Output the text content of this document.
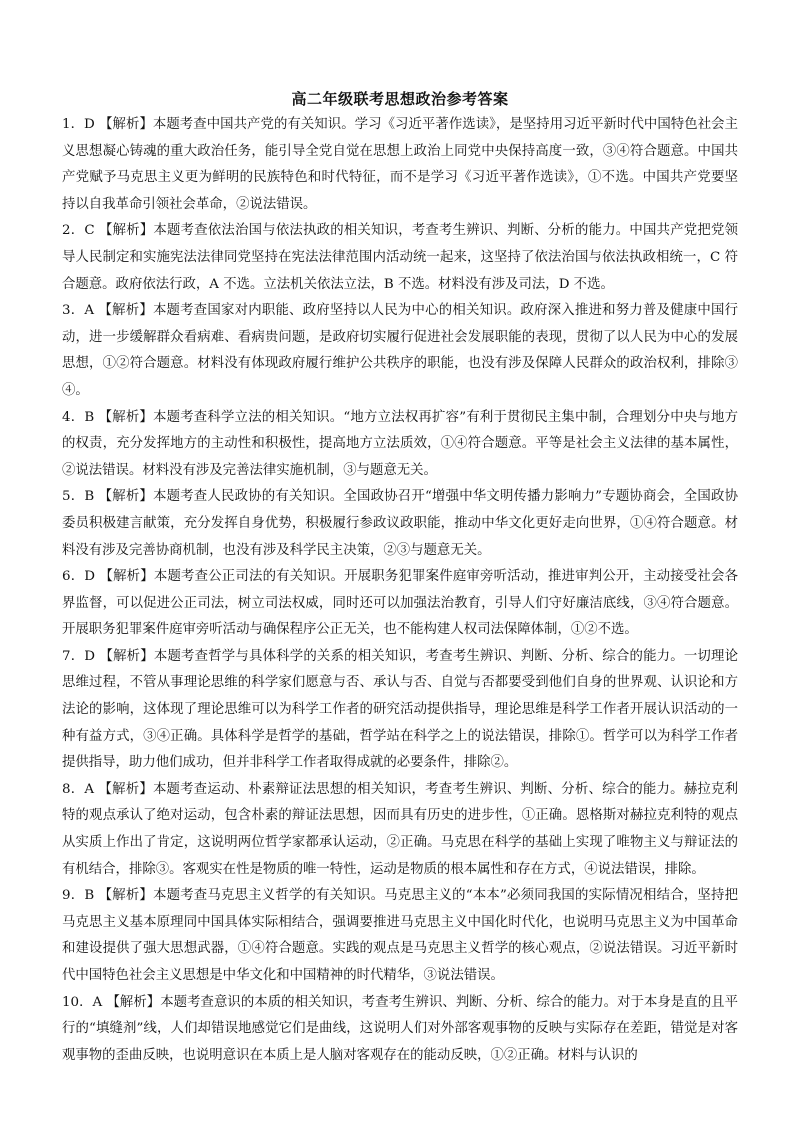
高二年级联考思想政治参考答案

1．D 【解析】本题考查中国共产党的有关知识。学习《习近平著作选读》，是坚持用习近平新时代中国特色社会主义思想凝心铸魂的重大政治任务，能引导全党自觉在思想上政治上同党中央保持高度一致，③④符合题意。中国共产党赋予马克思主义更为鲜明的民族特色和时代特征，而不是学习《习近平著作选读》，①不选。中国共产党要坚持以自我革命引领社会革命，②说法错误。

2．C 【解析】本题考查依法治国与依法执政的相关知识，考查考生辨识、判断、分析的能力。中国共产党把党领导人民制定和实施宪法法律同党坚持在宪法法律范围内活动统一起来，这坚持了依法治国与依法执政相统一，C 符合题意。政府依法行政，A 不选。立法机关依法立法，B 不选。材料没有涉及司法，D 不选。

3．A 【解析】本题考查国家对内职能、政府坚持以人民为中心的相关知识。政府深入推进和努力普及健康中国行动，进一步缓解群众看病难、看病贵问题，是政府切实履行促进社会发展职能的表现，贯彻了以人民为中心的发展思想，①②符合题意。材料没有体现政府履行维护公共秩序的职能，也没有涉及保障人民群众的政治权利，排除③④。

4．B 【解析】本题考查科学立法的相关知识。“地方立法权再扩容”有利于贯彻民主集中制，合理划分中央与地方的权责，充分发挥地方的主动性和积极性，提高地方立法质效，①④符合题意。平等是社会主义法律的基本属性，②说法错误。材料没有涉及完善法律实施机制，③与题意无关。

5．B 【解析】本题考查人民政协的有关知识。全国政协召开“增强中华文明传播力影响力”专题协商会，全国政协委员积极建言献策，充分发挥自身优势，积极履行参政议政职能，推动中华文化更好走向世界，①④符合题意。材料没有涉及完善协商机制，也没有涉及科学民主决策，②③与题意无关。

6．D 【解析】本题考查公正司法的有关知识。开展职务犯罪案件庭审旁听活动，推进审判公开，主动接受社会各界监督，可以促进公正司法，树立司法权威，同时还可以加强法治教育，引导人们守好廉洁底线，③④符合题意。开展职务犯罪案件庭审旁听活动与确保程序公正无关，也不能构建人权司法保障体制，①②不选。

7．D 【解析】本题考查哲学与具体科学的关系的相关知识，考查考生辨识、判断、分析、综合的能力。一切理论思维过程，不管从事理论思维的科学家们愿意与否、承认与否、自觉与否都要受到他们自身的世界观、认识论和方法论的影响，这体现了理论思维可以为科学工作者的研究活动提供指导，理论思维是科学工作者开展认识活动的一种有益方式，③④正确。具体科学是哲学的基础，哲学站在科学之上的说法错误，排除①。哲学可以为科学工作者提供指导，助力他们成功，但并非科学工作者取得成就的必要条件，排除②。

8．A 【解析】本题考查运动、朴素辩证法思想的相关知识，考查考生辨识、判断、分析、综合的能力。赫拉克利特的观点承认了绝对运动，包含朴素的辩证法思想，因而具有历史的进步性，①正确。恩格斯对赫拉克利特的观点从实质上作出了肯定，这说明两位哲学家都承认运动，②正确。马克思在科学的基础上实现了唯物主义与辩证法的有机结合，排除③。客观实在性是物质的唯一特性，运动是物质的根本属性和存在方式，④说法错误，排除。

9．B 【解析】本题考查马克思主义哲学的有关知识。马克思主义的“本本”必须同我国的实际情况相结合，坚持把马克思主义基本原理同中国具体实际相结合，强调要推进马克思主义中国化时代化，也说明马克思主义为中国革命和建设提供了强大思想武器，①④符合题意。实践的观点是马克思主义哲学的核心观点，②说法错误。习近平新时代中国特色社会主义思想是中华文化和中国精神的时代精华，③说法错误。

10．A 【解析】本题考查意识的本质的相关知识，考查考生辨识、判断、分析、综合的能力。对于本身是直的且平行的“填缝剂”线，人们却错误地感觉它们是曲线，这说明人们对外部客观事物的反映与实际存在差距，错觉是对客观事物的歪曲反映，也说明意识在本质上是人脑对客观存在的能动反映，①②正确。材料与认识的
